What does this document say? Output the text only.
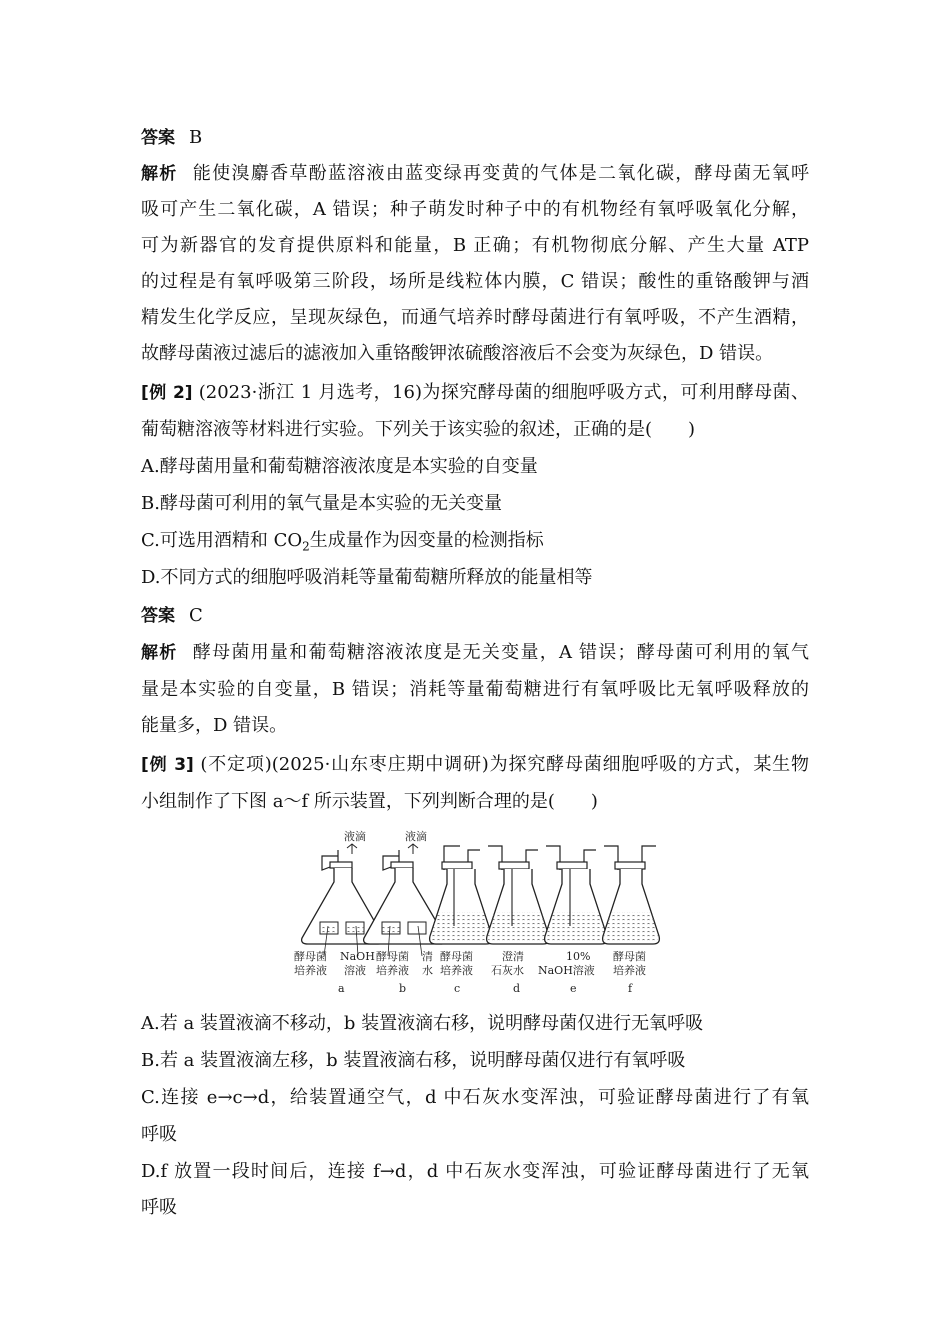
答案 B
解析 能使溴麝香草酚蓝溶液由蓝变绿再变黄的气体是二氧化碳，酵母菌无氧呼
吸可产生二氧化碳，A 错误；种子萌发时种子中的有机物经有氧呼吸氧化分解，
可为新器官的发育提供原料和能量，B 正确；有机物彻底分解、产生大量 ATP
的过程是有氧呼吸第三阶段，场所是线粒体内膜，C 错误；酸性的重铬酸钾与酒
精发生化学反应，呈现灰绿色，而通气培养时酵母菌进行有氧呼吸，不产生酒精，
故酵母菌液过滤后的滤液加入重铬酸钾浓硫酸溶液后不会变为灰绿色，D 错误。
[例 2] (2023·浙江 1 月选考，16)为探究酵母菌的细胞呼吸方式，可利用酵母菌、
葡萄糖溶液等材料进行实验。下列关于该实验的叙述，正确的是(　　)
A.酵母菌用量和葡萄糖溶液浓度是本实验的自变量
B.酵母菌可利用的氧气量是本实验的无关变量
C.可选用酒精和 $CO_2$生成量作为因变量的检测指标
D.不同方式的细胞呼吸消耗等量葡萄糖所释放的能量相等
答案 C
解析 酵母菌用量和葡萄糖溶液浓度是无关变量，A 错误；酵母菌可利用的氧气
量是本实验的自变量，B 错误；消耗等量葡萄糖进行有氧呼吸比无氧呼吸释放的
能量多，D 错误。
[例 3] (不定项)(2025·山东枣庄期中调研)为探究酵母菌细胞呼吸的方式，某生物
小组制作了下图 a～f 所示装置，下列判断合理的是(　　)
液滴	液滴
酵母菌
培养液
NaOH
溶液
酵母菌
培养液
清
水
酵母菌
培养液
澄清
石灰水
10%
NaOH溶液
酵母菌
培养液
a	b	c	d	e	f
A.若 a 装置液滴不移动，b 装置液滴右移，说明酵母菌仅进行无氧呼吸
B.若 a 装置液滴左移，b 装置液滴右移，说明酵母菌仅进行有氧呼吸
C.连接 e→c→d，给装置通空气，d 中石灰水变浑浊，可验证酵母菌进行了有氧
呼吸
D.f 放置一段时间后，连接 f→d，d 中石灰水变浑浊，可验证酵母菌进行了无氧
呼吸
